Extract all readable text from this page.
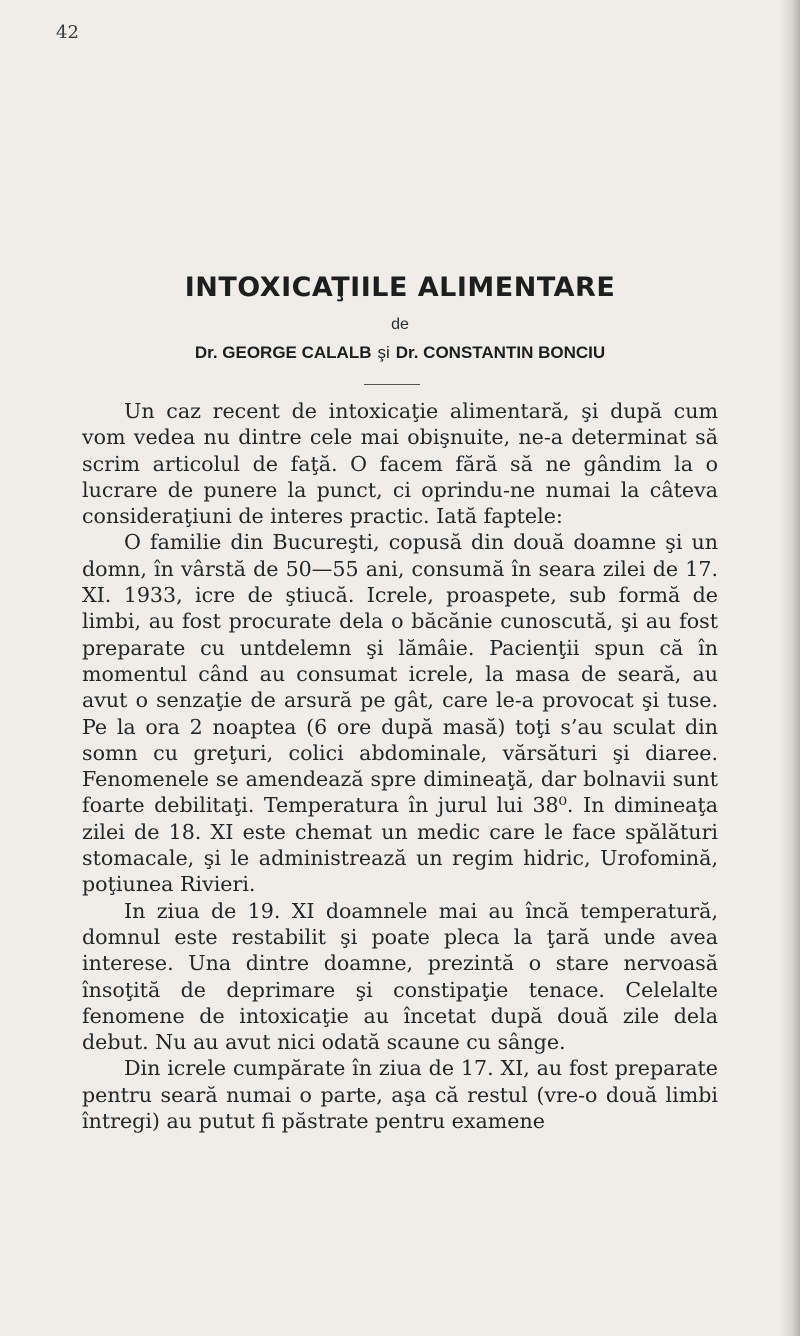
42
INTOXICAŢIILE ALIMENTARE
de
Dr. GEORGE CALALB şi Dr. CONSTANTIN BONCIU

Un caz recent de intoxicaţie alimentară, şi după cum vom vedea nu dintre cele mai obişnuite, ne-a determinat să scrim articolul de faţă. O facem fără să ne gândim la o lucrare de punere la punct, ci oprindu-ne numai la câteva consideraţiuni de interes practic. Iată faptele:

O familie din Bucureşti, copusă din două doamne şi un domn, în vârstă de 50—55 ani, consumă în seara zilei de 17. XI. 1933, icre de ştiucă. Icrele, proaspete, sub formă de limbi, au fost procurate dela o băcănie cunoscută, şi au fost preparate cu untdelemn şi lămâie. Pacienţii spun că în momentul când au consumat icrele, la masa de seară, au avut o senzaţie de arsură pe gât, care le-a provocat şi tuse. Pe la ora 2 noaptea (6 ore după masă) toţi s’au sculat din somn cu greţuri, colici abdominale, vărsături şi diaree. Fenomenele se amendează spre dimineaţă, dar bolnavii sunt foarte debilitaţi. Temperatura în jurul lui 38⁰. In dimineaţa zilei de 18. XI este chemat un medic care le face spălături stomacale, şi le administrează un regim hidric, Urofomină, poţiunea Rivieri.

In ziua de 19. XI doamnele mai au încă temperatură, domnul este restabilit şi poate pleca la ţară unde avea interese. Una dintre doamne, prezintă o stare nervoasă însoţită de deprimare şi constipaţie tenace. Celelalte fenomene de intoxicaţie au încetat după două zile dela debut. Nu au avut nici odată scaune cu sânge.

Din icrele cumpărate în ziua de 17. XI, au fost preparate pentru seară numai o parte, aşa că restul (vre-o două limbi întregi) au putut fi păstrate pentru examene
